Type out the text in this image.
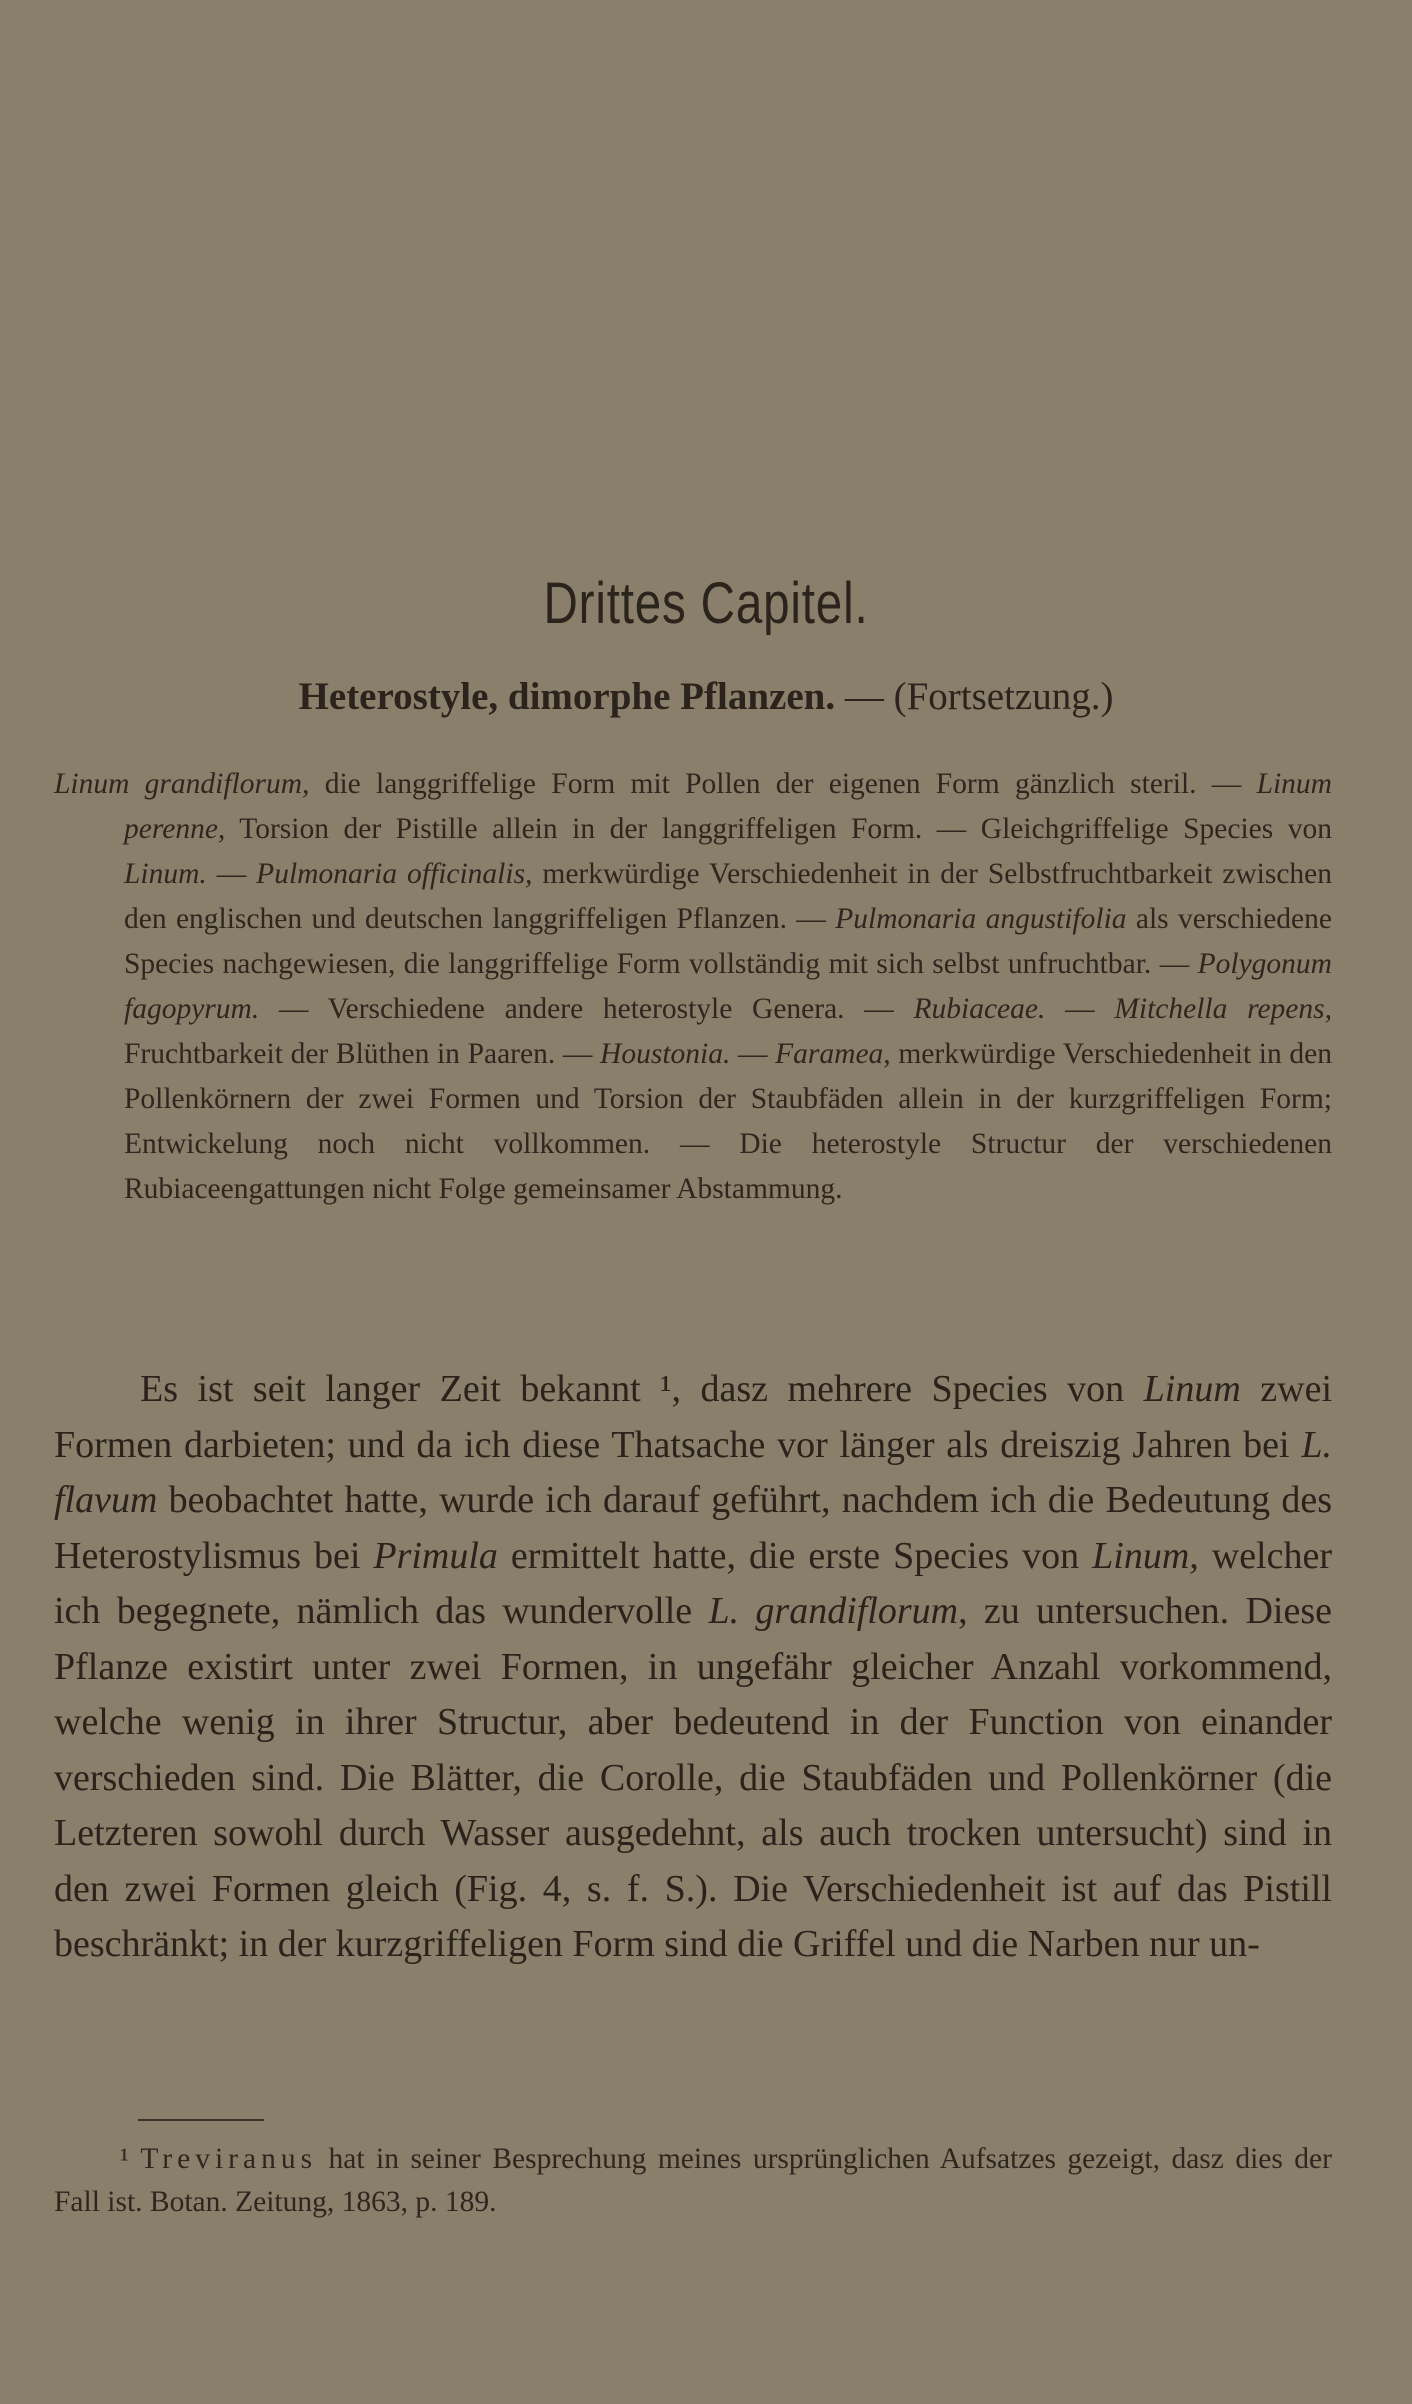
Drittes Capitel.
Heterostyle, dimorphe Pflanzen. — (Fortsetzung.)

Linum grandiflorum, die langgriffelige Form mit Pollen der eigenen Form gänzlich steril. — Linum perenne, Torsion der Pistille allein in der langgriffeligen Form. — Gleichgriffelige Species von Linum. — Pulmonaria officinalis, merkwürdige Verschiedenheit in der Selbstfruchtbarkeit zwischen den englischen und deutschen langgriffeligen Pflanzen. — Pulmonaria angustifolia als verschiedene Species nachgewiesen, die langgriffelige Form vollständig mit sich selbst unfruchtbar. — Polygonum fagopyrum. — Verschiedene andere heterostyle Genera. — Rubiaceae. — Mitchella repens, Fruchtbarkeit der Blüthen in Paaren. — Houstonia. — Faramea, merkwürdige Verschiedenheit in den Pollenkörnern der zwei Formen und Torsion der Staubfäden allein in der kurzgriffeligen Form; Entwickelung noch nicht vollkommen. — Die heterostyle Structur der verschiedenen Rubiaceengattungen nicht Folge gemeinsamer Abstammung.

Es ist seit langer Zeit bekannt ¹, dasz mehrere Species von Linum zwei Formen darbieten; und da ich diese Thatsache vor länger als dreiszig Jahren bei L. flavum beobachtet hatte, wurde ich darauf geführt, nachdem ich die Bedeutung des Heterostylismus bei Primula ermittelt hatte, die erste Species von Linum, welcher ich begegnete, nämlich das wundervolle L. grandiflorum, zu untersuchen. Diese Pflanze existirt unter zwei Formen, in ungefähr gleicher Anzahl vorkommend, welche wenig in ihrer Structur, aber bedeutend in der Function von einander verschieden sind. Die Blätter, die Corolle, die Staubfäden und Pollenkörner (die Letzteren sowohl durch Wasser ausgedehnt, als auch trocken untersucht) sind in den zwei Formen gleich (Fig. 4, s. f. S.). Die Verschiedenheit ist auf das Pistill beschränkt; in der kurzgriffeligen Form sind die Griffel und die Narben nur un-

¹ Treviranus hat in seiner Besprechung meines ursprünglichen Aufsatzes gezeigt, dasz dies der Fall ist. Botan. Zeitung, 1863, p. 189.
